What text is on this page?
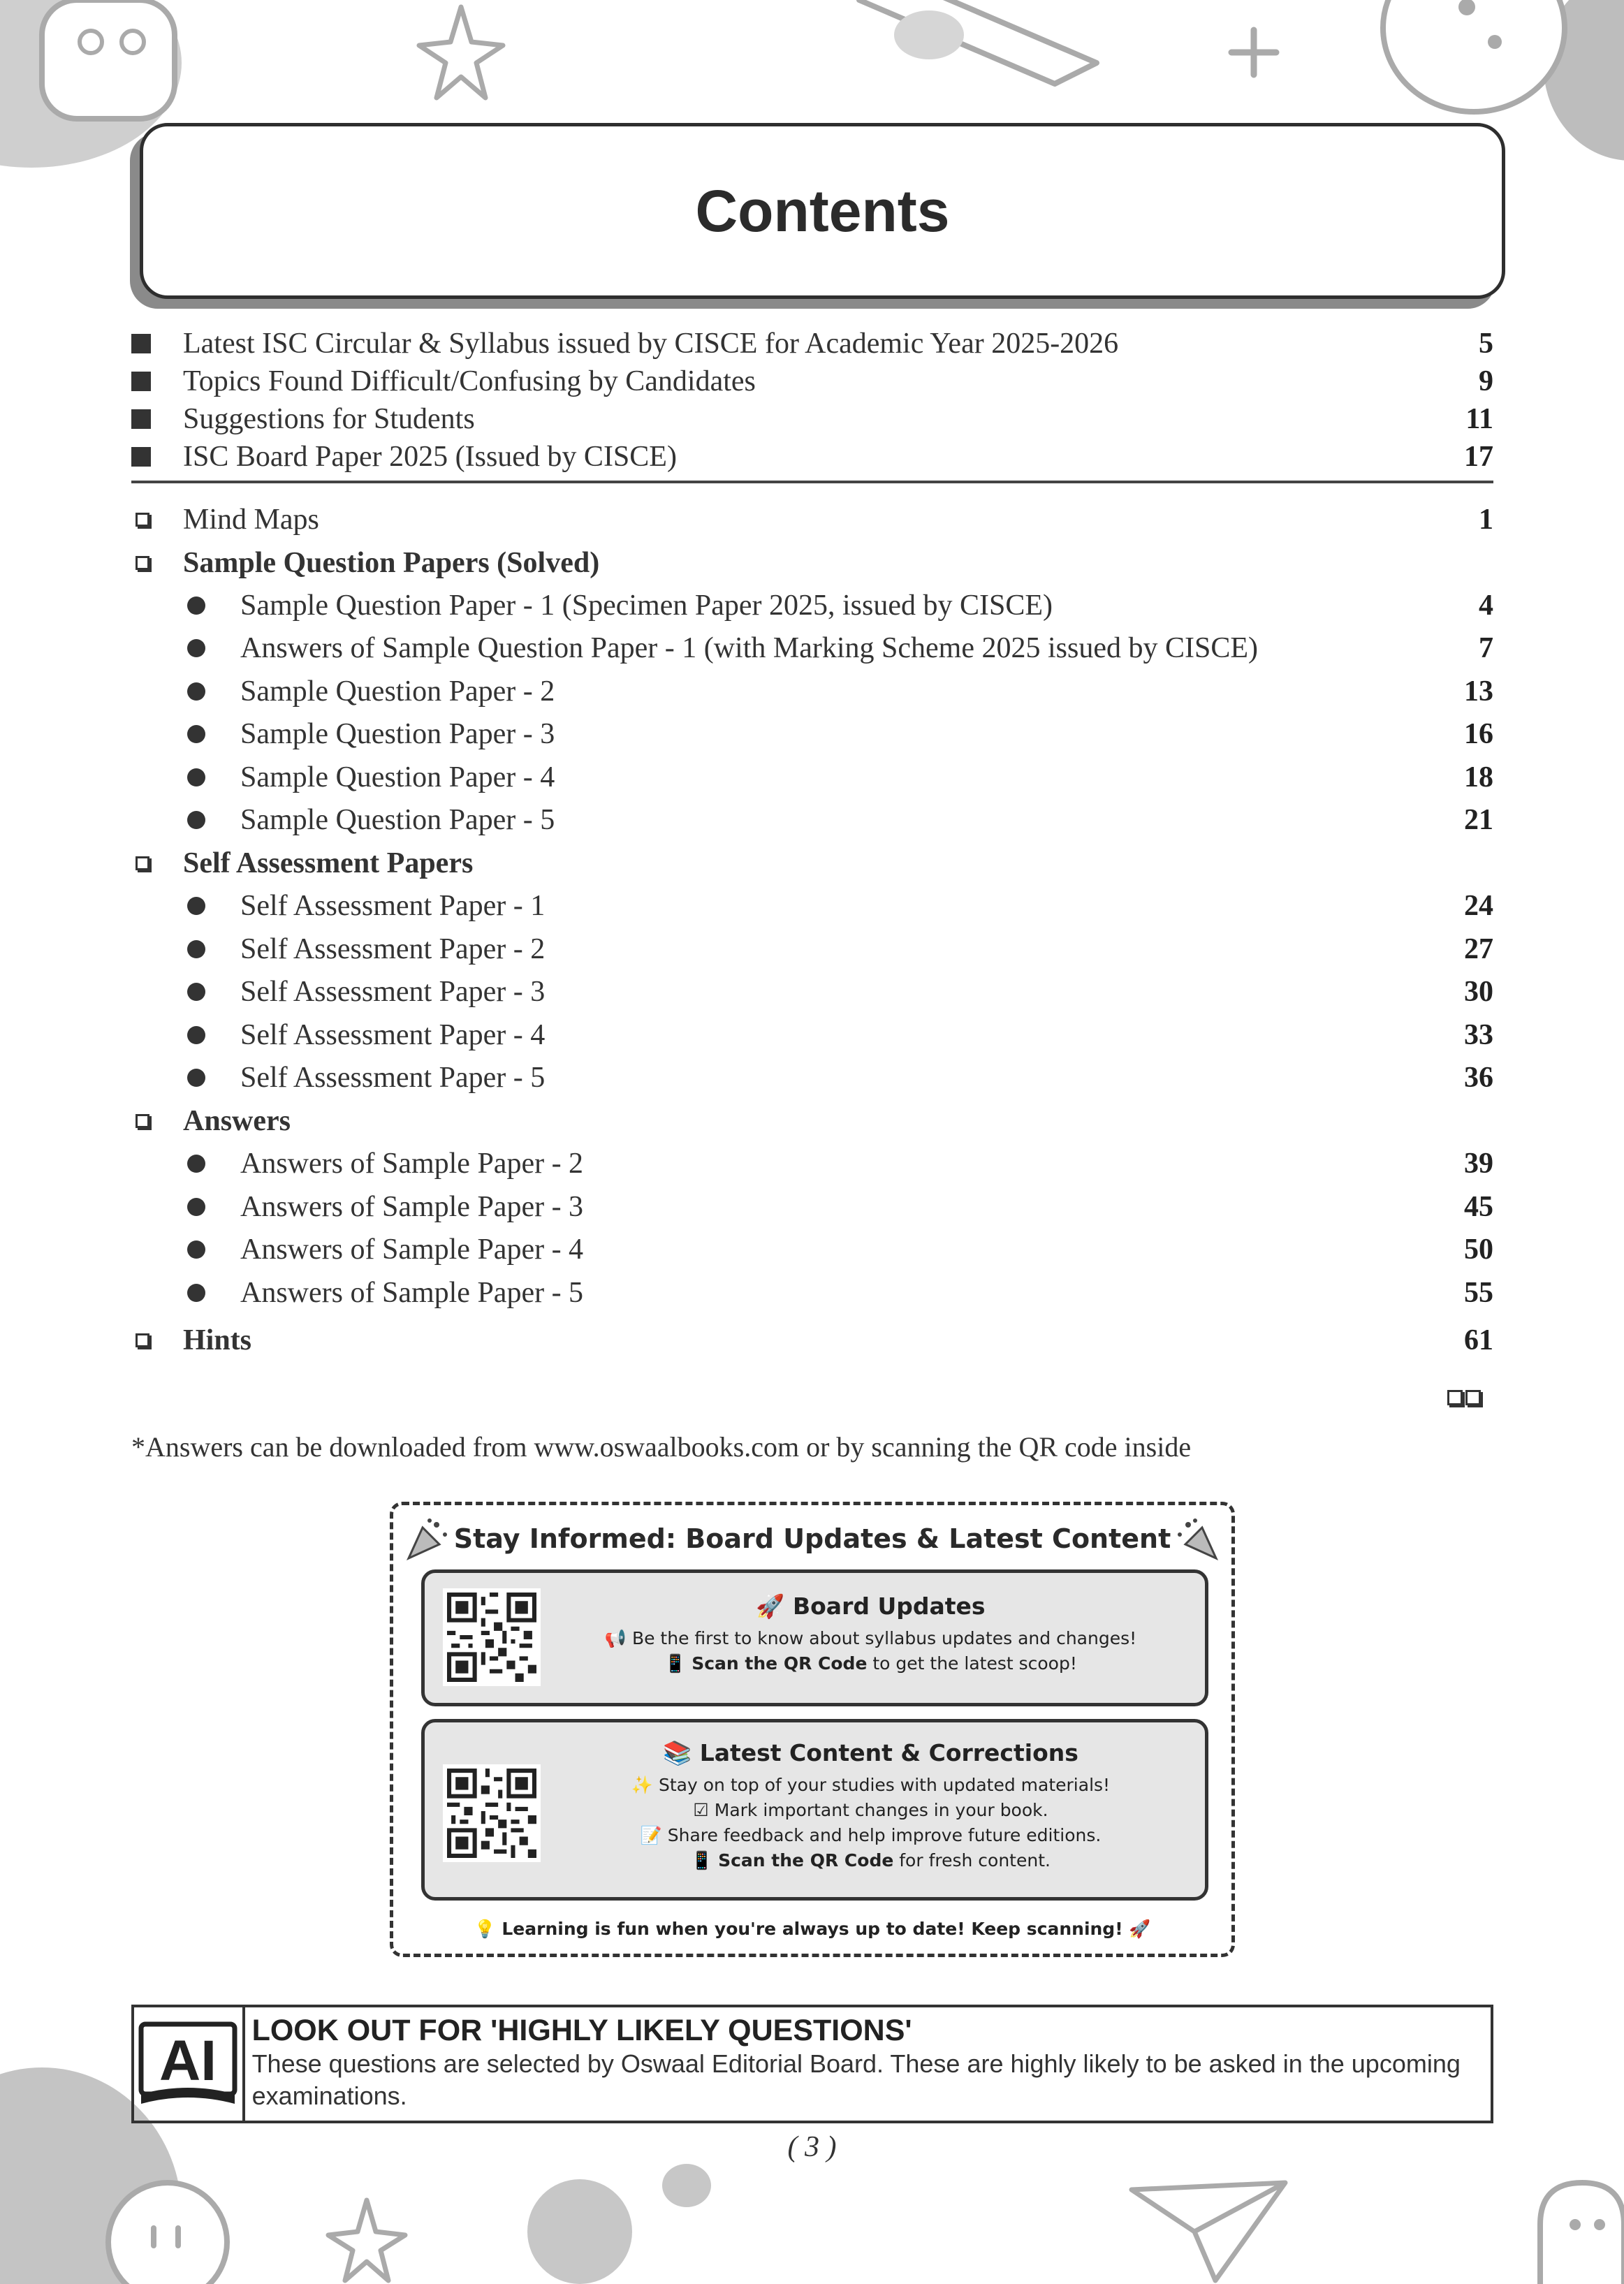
Contents
Latest ISC Circular & Syllabus issued by CISCE for Academic Year 2025-2026	5
Topics Found Difficult/Confusing by Candidates	9
Suggestions for Students	11
ISC Board Paper 2025 (Issued by CISCE)	17
Mind Maps	1
Sample Question Papers (Solved)
Sample Question Paper - 1 (Specimen Paper 2025, issued by CISCE)	4
Answers of Sample Question Paper - 1 (with Marking Scheme 2025 issued by CISCE)	7
Sample Question Paper - 2	13
Sample Question Paper - 3	16
Sample Question Paper - 4	18
Sample Question Paper - 5	21
Self Assessment Papers
Self Assessment Paper - 1	24
Self Assessment Paper - 2	27
Self Assessment Paper - 3	30
Self Assessment Paper - 4	33
Self Assessment Paper - 5	36
Answers
Answers of Sample Paper - 2	39
Answers of Sample Paper - 3	45
Answers of Sample Paper - 4	50
Answers of Sample Paper - 5	55
Hints	61
*Answers can be downloaded from www.oswaalbooks.com or by scanning the QR code inside
Stay Informed: Board Updates & Latest Content
🚀 Board Updates
📢 Be the first to know about syllabus updates and changes!
📱 Scan the QR Code to get the latest scoop!
📚 Latest Content & Corrections
✨ Stay on top of your studies with updated materials!
☑ Mark important changes in your book.
📝 Share feedback and help improve future editions.
📱 Scan the QR Code for fresh content.
💡 Learning is fun when you're always up to date! Keep scanning! 🚀
AI LOOK OUT FOR 'HIGHLY LIKELY QUESTIONS'
These questions are selected by Oswaal Editorial Board. These are highly likely to be asked in the upcoming examinations.
( 3 )
